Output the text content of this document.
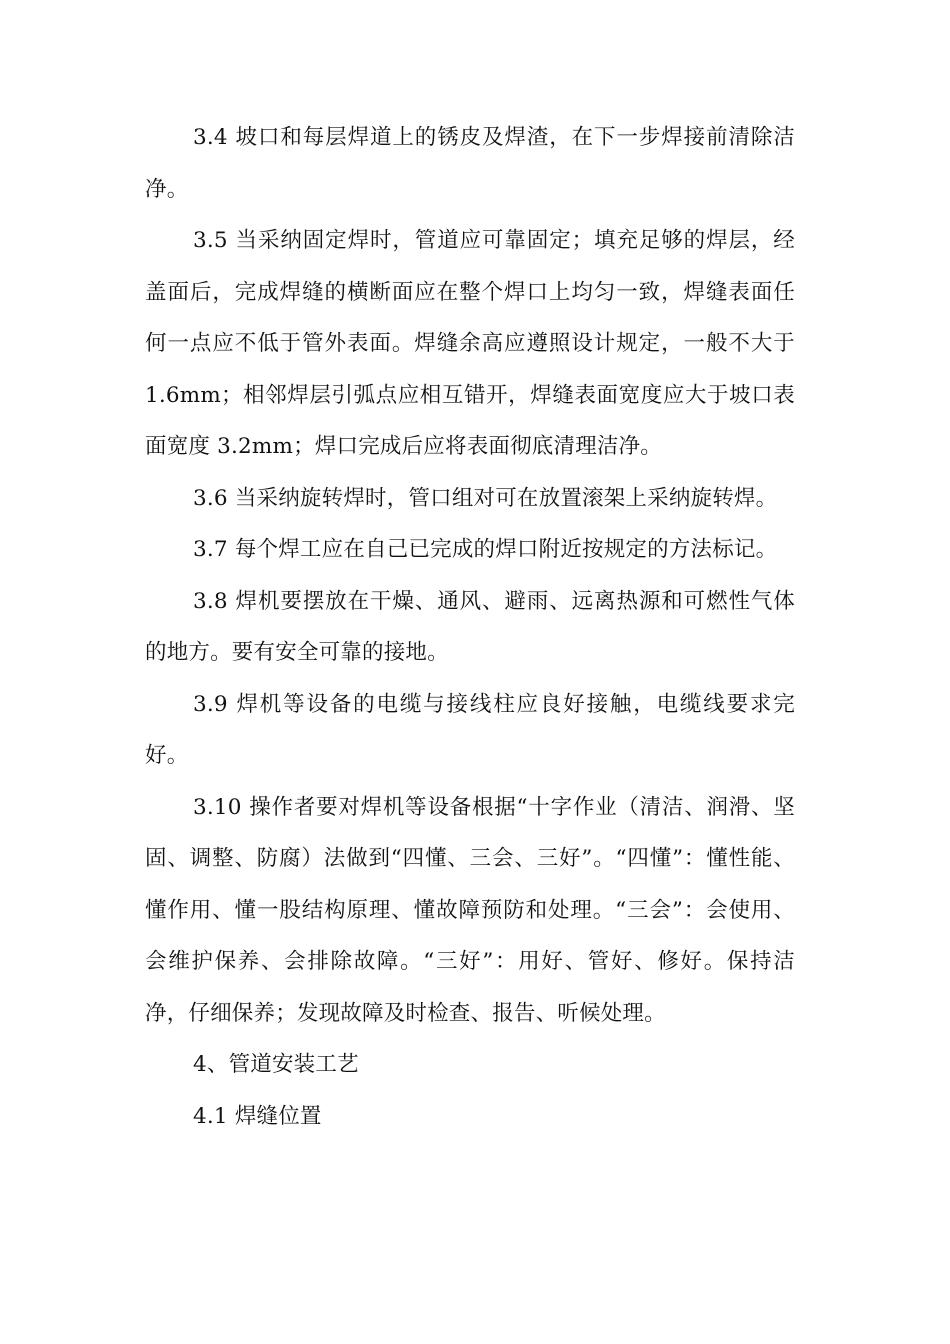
3.4 坡口和每层焊道上的锈皮及焊渣，在下一步焊接前清除洁净。

3.5 当采纳固定焊时，管道应可靠固定；填充足够的焊层，经盖面后，完成焊缝的横断面应在整个焊口上均匀一致，焊缝表面任何一点应不低于管外表面。焊缝余高应遵照设计规定，一般不大于 1.6mm；相邻焊层引弧点应相互错开，焊缝表面宽度应大于坡口表面宽度 3.2mm；焊口完成后应将表面彻底清理洁净。

3.6 当采纳旋转焊时，管口组对可在放置滚架上采纳旋转焊。

3.7 每个焊工应在自己已完成的焊口附近按规定的方法标记。

3.8 焊机要摆放在干燥、通风、避雨、远离热源和可燃性气体的地方。要有安全可靠的接地。

3.9 焊机等设备的电缆与接线柱应良好接触，电缆线要求完好。

3.10 操作者要对焊机等设备根据“十字作业（清洁、润滑、坚固、调整、防腐）法做到“四懂、三会、三好”。“四懂”：懂性能、懂作用、懂一股结构原理、懂故障预防和处理。“三会”：会使用、会维护保养、会排除故障。“三好”：用好、管好、修好。保持洁净，仔细保养；发现故障及时检查、报告、听候处理。

4、管道安装工艺

4.1 焊缝位置
